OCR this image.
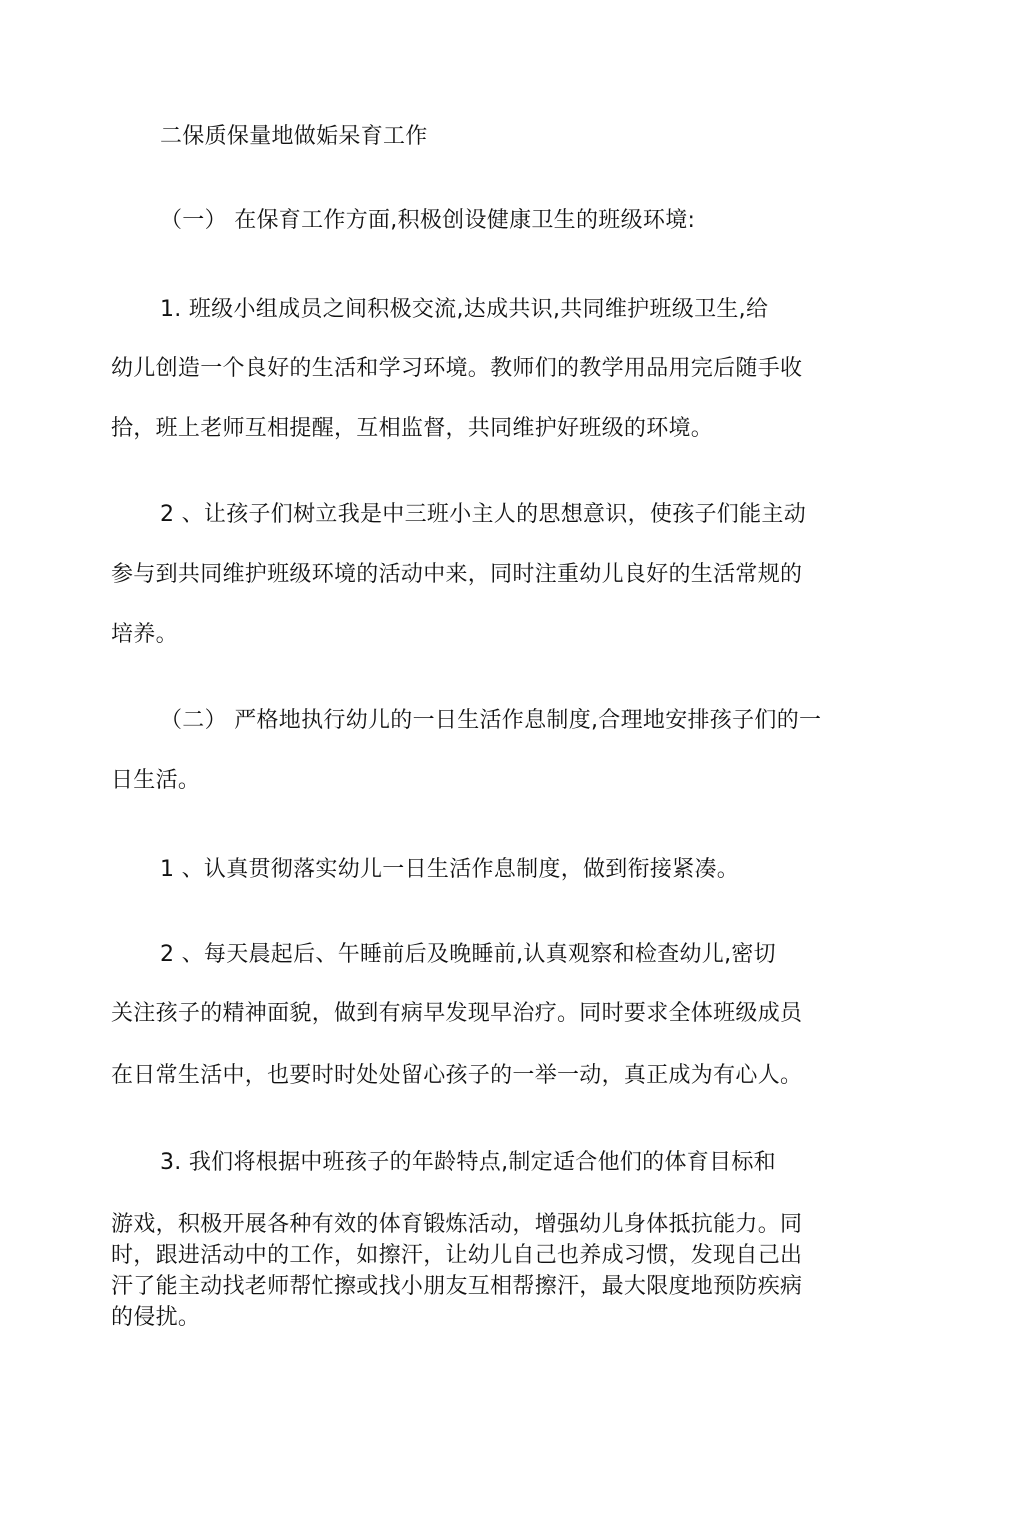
二保质保量地做姤呆育工作
（一） 在保育工作方面,积极创设健康卫生的班级环境:
1. 班级小组成员之间积极交流,达成共识,共同维护班级卫生,给
幼儿创造一个良好的生活和学习环境。教师们的教学用品用完后随手收
拾，班上老师互相提醒，互相监督，共同维护好班级的环境。
2 、让孩子们树立我是中三班小主人的思想意识，使孩子们能主动
参与到共同维护班级环境的活动中来，同时注重幼儿良好的生活常规的
培养。
（二） 严格地执行幼儿的一日生活作息制度,合理地安排孩子们的一
日生活。
1 、认真贯彻落实幼儿一日生活作息制度，做到衔接紧凑。
2 、每天晨起后、午睡前后及晚睡前,认真观察和检查幼儿,密切
关注孩子的精神面貌，做到有病早发现早治疗。同时要求全体班级成员
在日常生活中，也要时时处处留心孩子的一举一动，真正成为有心人。
3. 我们将根据中班孩子的年龄特点,制定适合他们的体育目标和
游戏，积极开展各种有效的体育锻炼活动，增强幼儿身体抵抗能力。同
时，跟进活动中的工作，如擦汗，让幼儿自己也养成习惯，发现自己出
汗了能主动找老师帮忙擦或找小朋友互相帮擦汗，最大限度地预防疾病
的侵扰。
